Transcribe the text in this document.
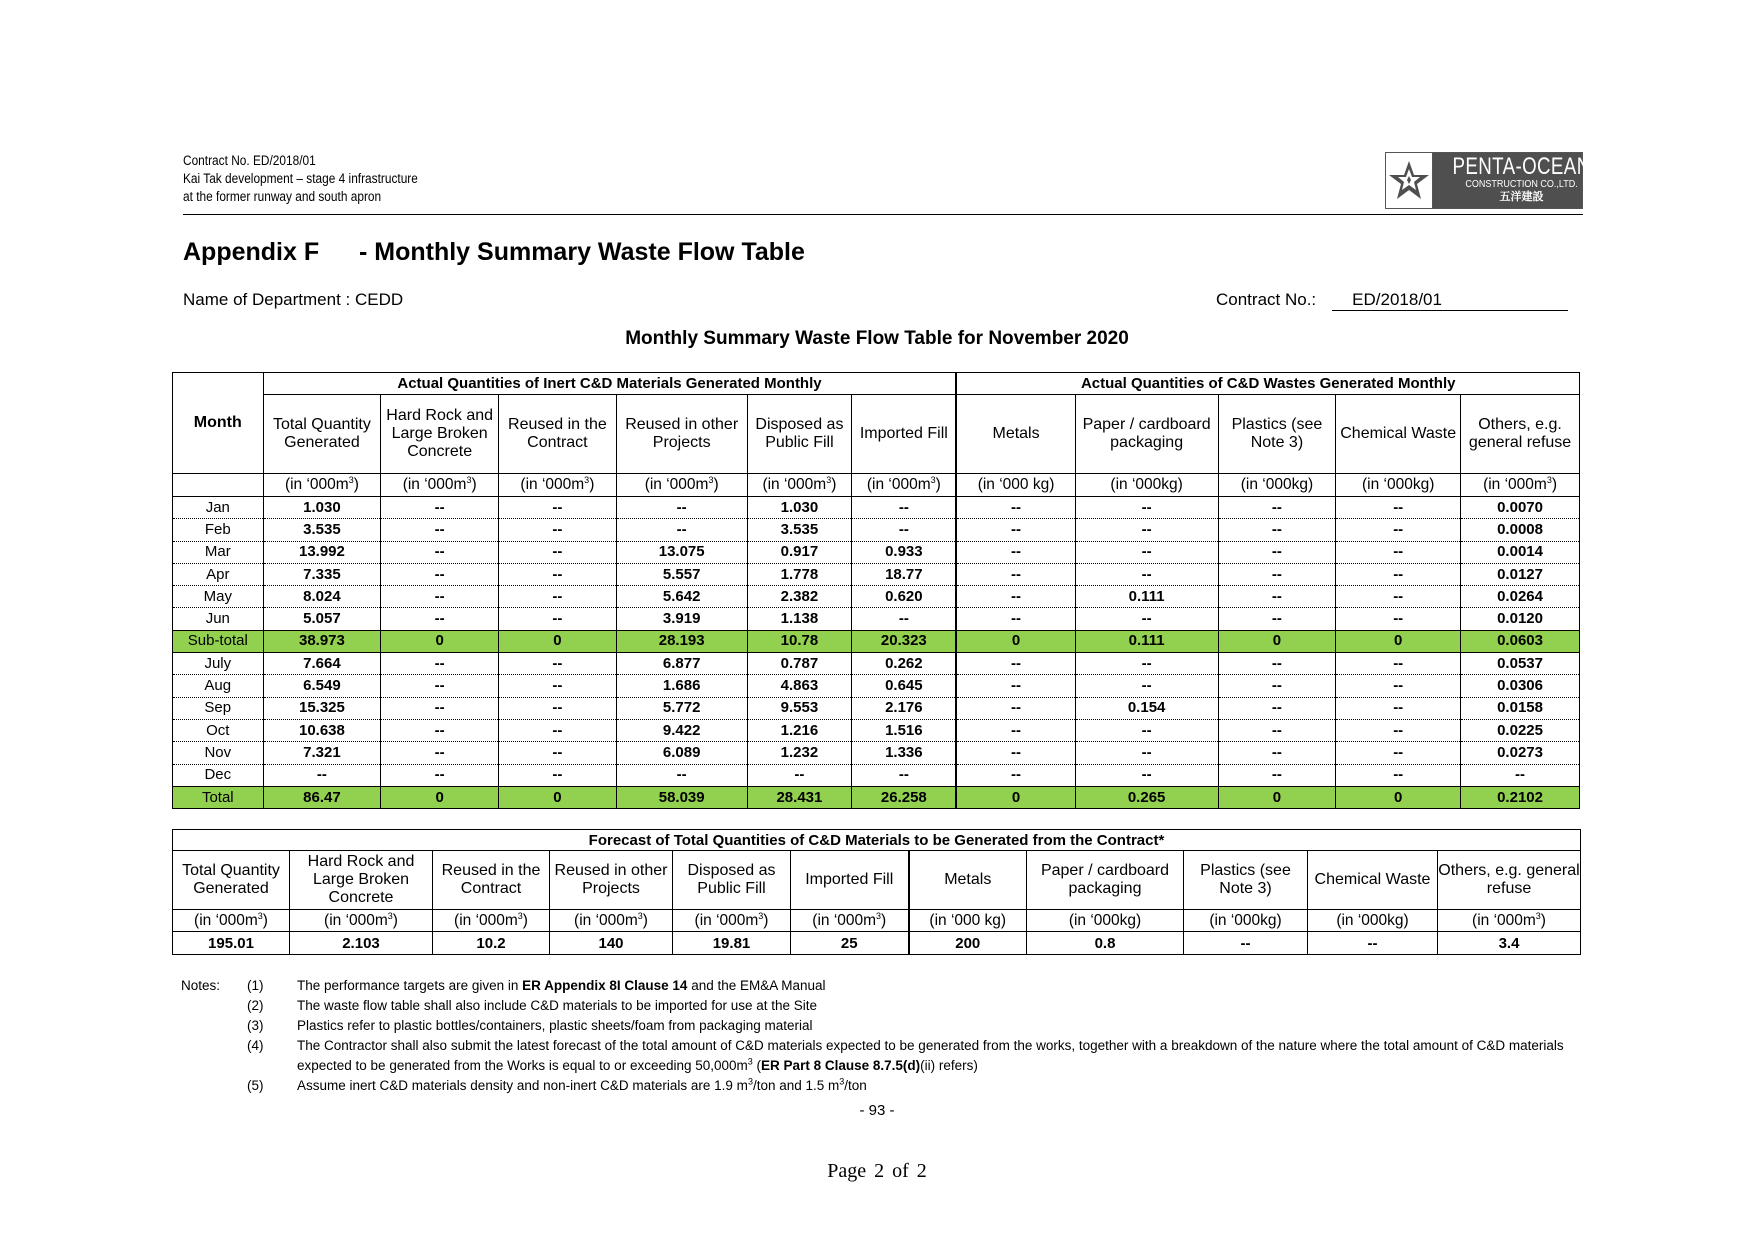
Contract No. ED/2018/01
Kai Tak development – stage 4 infrastructure
at the former runway and south apron
PENTA-OCEAN
CONSTRUCTION CO.,LTD.
五洋建設
Appendix F - Monthly Summary Waste Flow Table
Name of Department : CEDD	Contract No.: ED/2018/01
Monthly Summary Waste Flow Table for November 2020
Month	Actual Quantities of Inert C&D Materials Generated Monthly						Actual Quantities of C&D Wastes Generated Monthly				
	Total Quantity Generated	Hard Rock and Large Broken Concrete	Reused in the Contract	Reused in other Projects	Disposed as Public Fill	Imported Fill	Metals	Paper / cardboard packaging	Plastics (see Note 3)	Chemical Waste	Others, e.g. general refuse
	(in ‘$000m^3$)	(in ‘$000m^3$)	(in ‘$000m^3$)	(in ‘$000m^3$)	(in ‘$000m^3$)	(in ‘$000m^3$)	(in ‘000 kg)	(in ‘000kg)	(in ‘000kg)	(in ‘000kg)	(in ‘$000m^3$)
Jan	1.030	--	--	--	1.030	--	--	--	--	--	0.0070
Feb	3.535	--	--	--	3.535	--	--	--	--	--	0.0008
Mar	13.992	--	--	13.075	0.917	0.933	--	--	--	--	0.0014
Apr	7.335	--	--	5.557	1.778	18.77	--	--	--	--	0.0127
May	8.024	--	--	5.642	2.382	0.620	--	0.111	--	--	0.0264
Jun	5.057	--	--	3.919	1.138	--	--	--	--	--	0.0120
Sub-total	38.973	0	0	28.193	10.78	20.323	0	0.111	0	0	0.0603
July	7.664	--	--	6.877	0.787	0.262	--	--	--	--	0.0537
Aug	6.549	--	--	1.686	4.863	0.645	--	--	--	--	0.0306
Sep	15.325	--	--	5.772	9.553	2.176	--	0.154	--	--	0.0158
Oct	10.638	--	--	9.422	1.216	1.516	--	--	--	--	0.0225
Nov	7.321	--	--	6.089	1.232	1.336	--	--	--	--	0.0273
Dec	--	--	--	--	--	--	--	--	--	--	--
Total	86.47	0	0	58.039	28.431	26.258	0	0.265	0	0	0.2102
Forecast of Total Quantities of C&D Materials to be Generated from the Contract*										
Total Quantity Generated	Hard Rock and Large Broken Concrete	Reused in the Contract	Reused in other Projects	Disposed as Public Fill	Imported Fill	Metals	Paper / cardboard packaging	Plastics (see Note 3)	Chemical Waste	Others, e.g. general refuse
(in ‘$000m^3$)	(in ‘$000m^3$)	(in ‘$000m^3$)	(in ‘$000m^3$)	(in ‘$000m^3$)	(in ‘$000m^3$)	(in ‘000 kg)	(in ‘000kg)	(in ‘000kg)	(in ‘000kg)	(in ‘$000m^3$)
195.01	2.103	10.2	140	19.81	25	200	0.8	--	--	3.4
Notes:	(1)	The performance targets are given in ER Appendix 8I Clause 14 and the EM&A Manual
(2)	The waste flow table shall also include C&D materials to be imported for use at the Site
(3)	Plastics refer to plastic bottles/containers, plastic sheets/foam from packaging material
(4)	The Contractor shall also submit the latest forecast of the total amount of C&D materials expected to be generated from the works, together with a breakdown of the nature where the total amount of C&D materials expected to be generated from the Works is equal to or exceeding $50,000m^3$ (ER Part 8 Clause 8.7.5(d)(ii) refers)
(5)	Assume inert C&D materials density and non-inert C&D materials are 1.9 $m^3$/ton and 1.5 $m^3$/ton
- 93 -
Page 2 of 2
